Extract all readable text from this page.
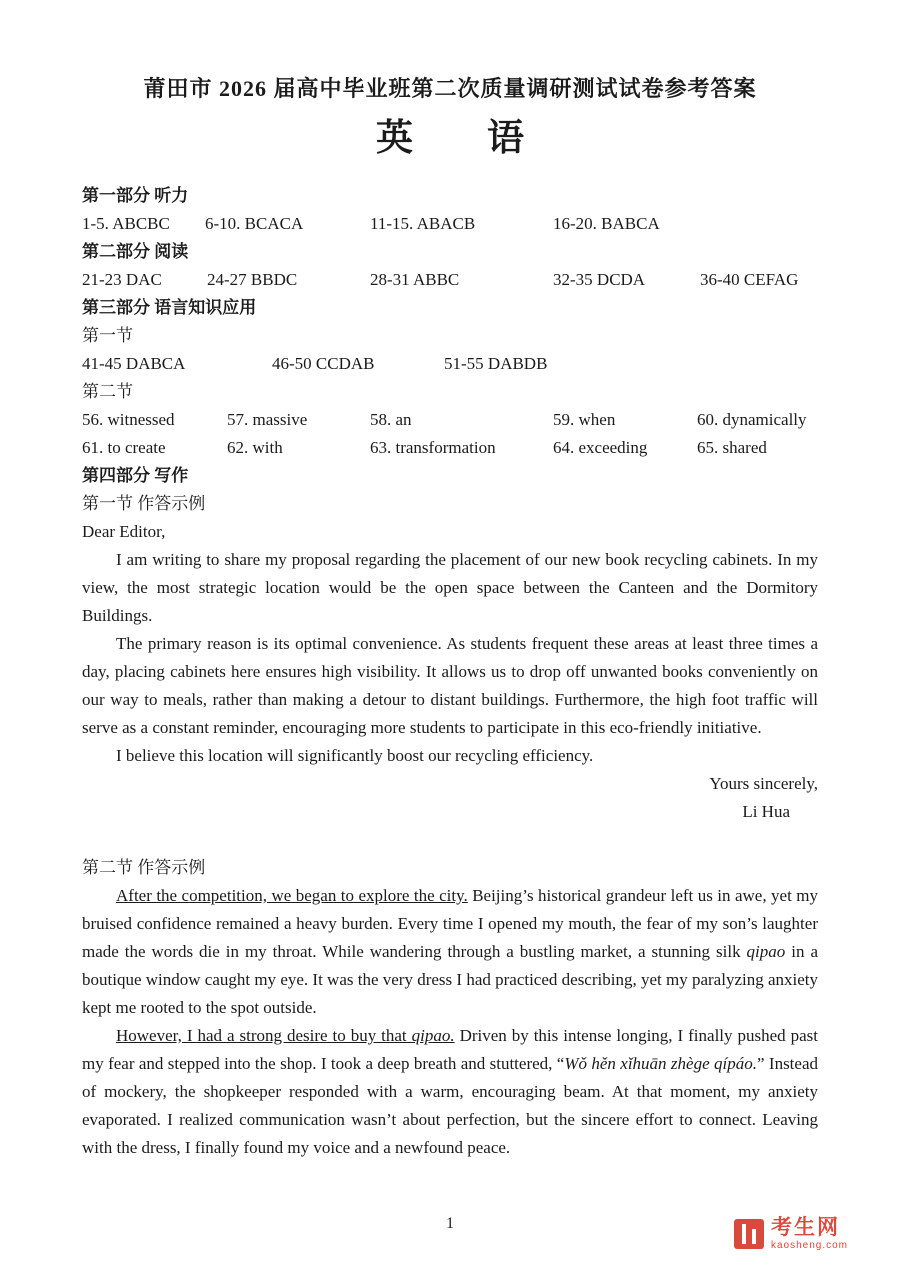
莆田市 2026 届高中毕业班第二次质量调研测试试卷参考答案
英　　语
第一部分 听力
1-5. ABCBC	6-10. BCACA	11-15. ABACB	16-20. BABCA
第二部分 阅读
21-23 DAC	24-27 BBDC	28-31 ABBC	32-35 DCDA	36-40 CEFAG
第三部分 语言知识应用
第一节
41-45 DABCA	46-50 CCDAB	51-55 DABDB
第二节
56. witnessed	57. massive	58. an	59. when	60. dynamically
61. to create	62. with	63. transformation	64. exceeding	65. shared
第四部分 写作
第一节 作答示例

Dear Editor,

I am writing to share my proposal regarding the placement of our new book recycling cabinets. In my view, the most strategic location would be the open space between the Canteen and the Dormitory Buildings.

The primary reason is its optimal convenience. As students frequent these areas at least three times a day, placing cabinets here ensures high visibility. It allows us to drop off unwanted books conveniently on our way to meals, rather than making a detour to distant buildings. Furthermore, the high foot traffic will serve as a constant reminder, encouraging more students to participate in this eco-friendly initiative.

I believe this location will significantly boost our recycling efficiency.

Yours sincerely,

Li Hua

第二节 作答示例

After the competition, we began to explore the city. Beijing’s historical grandeur left us in awe, yet my bruised confidence remained a heavy burden. Every time I opened my mouth, the fear of my son’s laughter made the words die in my throat. While wandering through a bustling market, a stunning silk qipao in a boutique window caught my eye. It was the very dress I had practiced describing, yet my paralyzing anxiety kept me rooted to the spot outside.

However, I had a strong desire to buy that qipao. Driven by this intense longing, I finally pushed past my fear and stepped into the shop. I took a deep breath and stuttered, “Wǒ hěn xǐhuān zhège qípáo.” Instead of mockery, the shopkeeper responded with a warm, encouraging beam. At that moment, my anxiety evaporated. I realized communication wasn’t about perfection, but the sincere effort to connect. Leaving with the dress, I finally found my voice and a newfound peace.

1	考生网
kaosheng.com
